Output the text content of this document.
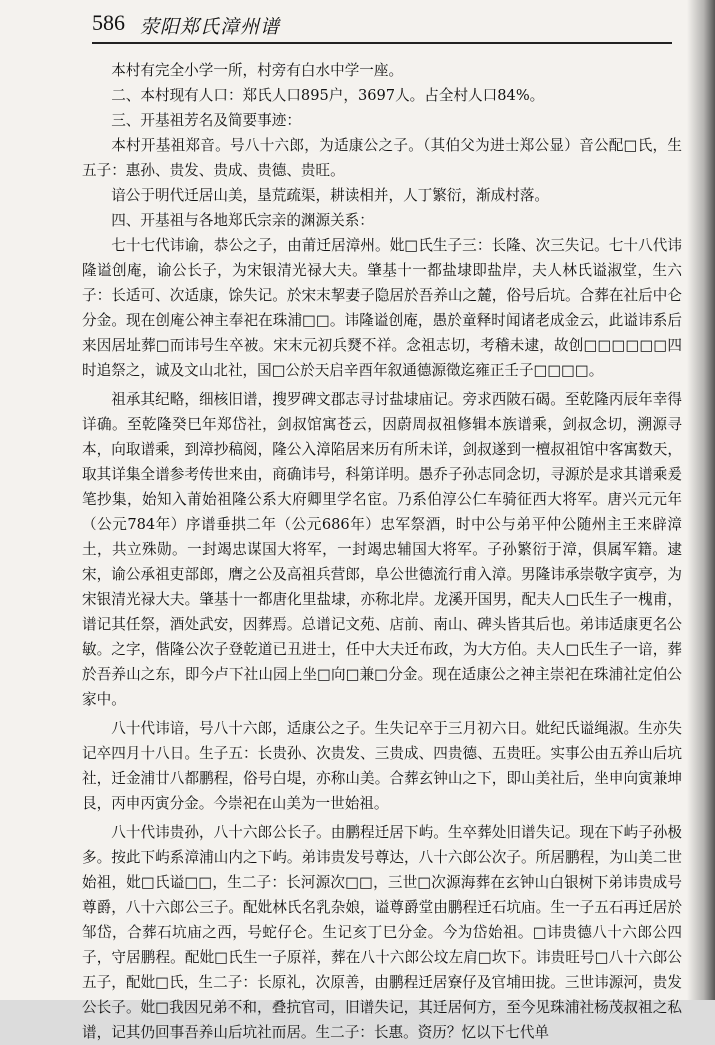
586 荥阳郑氏漳州谱

本村有完全小学一所，村旁有白水中学一座。

二、本村现有人口：郑氏人口895户，3697人。占全村人口84%。

三、开基祖芳名及简要事迹：

本村开基祖郑音。号八十六郎，为适康公之子。（其伯父为进士郑公显）音公配□氏，生五子：惠孙、贵发、贵成、贵德、贵旺。

谙公于明代迁居山美，垦荒疏渠，耕读相并，人丁繁衍，渐成村落。

四、开基祖与各地郑氏宗亲的渊源关系：

七十七代讳谕，恭公之子，由莆迁居漳州。妣□氏生子三：长隆、次三失记。七十八代讳隆谥创庵，谕公长子，为宋银清光禄大夫。肇基十一都盐埭即盐岸，夫人林氏谥淑堂，生六子：长适可、次适康，馀失记。於宋末挈妻子隐居於吾养山之麓，俗号后坑。合葬在社后中仑分金。现在创庵公神主奉祀在珠浦□□。讳隆谥创庵，愚於童释时闻诸老成金云，此谥讳系后来因居址葬□而讳号生卒被。宋末元初兵燹不祥。念祖志切，考稽未逮，故创□□□□□□四时追祭之，诚及文山北社，国□公於天启辛酉年叙通德源徵迄雍正壬子□□□□。

祖承其纪略，细核旧谱，搜罗碑文郡志寻讨盐埭庙记。旁求西陂石碣。至乾隆丙辰年幸得详确。至乾隆癸巳年郑岱社，剑叔馆寓苍云，因蔚周叔祖修辑本族谱乘，剑叔念切，溯源寻本，向取谱乘，到漳抄稿阅，隆公入漳陷居来历有所未详，剑叔遂到一檀叔祖馆中客寓数天，取其详集全谱参考传世来由，商确讳号，科第详明。愚乔子孙志同念切，寻源於是求其谱乘爰笔抄集，始知入莆始祖隆公系大府卿里学名宦。乃系伯淳公仁车骑征西大将军。唐兴元元年（公元784年）序谱垂拱二年（公元686年）忠军祭酒，时中公与弟平仲公随州主王来辟漳土，共立殊勋。一封竭忠谋国大将军，一封竭忠辅国大将军。子孙繁衍于漳，俱属军籍。逮宋，谕公承祖吏部郎，膺之公及高祖兵营郎，阜公世德流行甫入漳。男隆讳承崇敬字寅亭，为宋银清光禄大夫。肇基十一都唐化里盐埭，亦称北岸。龙溪开国男，配夫人□氏生子一槐甫，谱记其任祭，酒处武安，因葬焉。总谱记文苑、店前、南山、碑头皆其后也。弟讳适康更名公敏。之字，偕隆公次子登乾道已丑进士，任中大夫迁布政，为大方伯。夫人□氏生子一谙，葬於吾养山之东，即今卢下社山园上坐□向□兼□分金。现在适康公之神主崇祀在珠浦社定伯公家中。

八十代讳谙，号八十六郎，适康公之子。生失记卒于三月初六日。妣纪氏谥绳淑。生亦失记卒四月十八日。生子五：长贵孙、次贵发、三贵成、四贵德、五贵旺。实事公由五养山后坑社，迁金浦廿八都鹏程，俗号白堤，亦称山美。合葬玄钟山之下，即山美社后，坐申向寅兼坤艮，丙申丙寅分金。今崇祀在山美为一世始祖。

八十代讳贵孙，八十六郎公长子。由鹏程迁居下屿。生卒葬处旧谱失记。现在下屿子孙极多。按此下屿系漳浦山内之下屿。弟讳贵发号尊达，八十六郎公次子。所居鹏程，为山美二世始祖，妣□氏谥□□，生二子：长河源次□□，三世□次源海葬在玄钟山白银树下弟讳贵成号尊爵，八十六郎公三子。配妣林氏名乳杂娘，谥尊爵堂由鹏程迁石坑庙。生一子五石再迁居於邹岱，合葬石坑庙之西，号蛇仔仑。生记亥丁巳分金。今为岱始祖。□讳贵德八十六郎公四子，守居鹏程。配妣□氏生一子原祥，葬在八十六郎公坟左肩□坎下。讳贵旺号□八十六郎公五子，配妣□氏，生二子：长原礼，次原善，由鹏程迁居寮仔及官埔田拢。三世讳源河，贵发公长子。妣□我因兄弟不和，叠抗官司，旧谱失记，其迁居何方，至今见珠浦社杨茂叔祖之私谱，记其仍回事吾养山后坑社而居。生二子：长惠。资历？忆以下七代单
